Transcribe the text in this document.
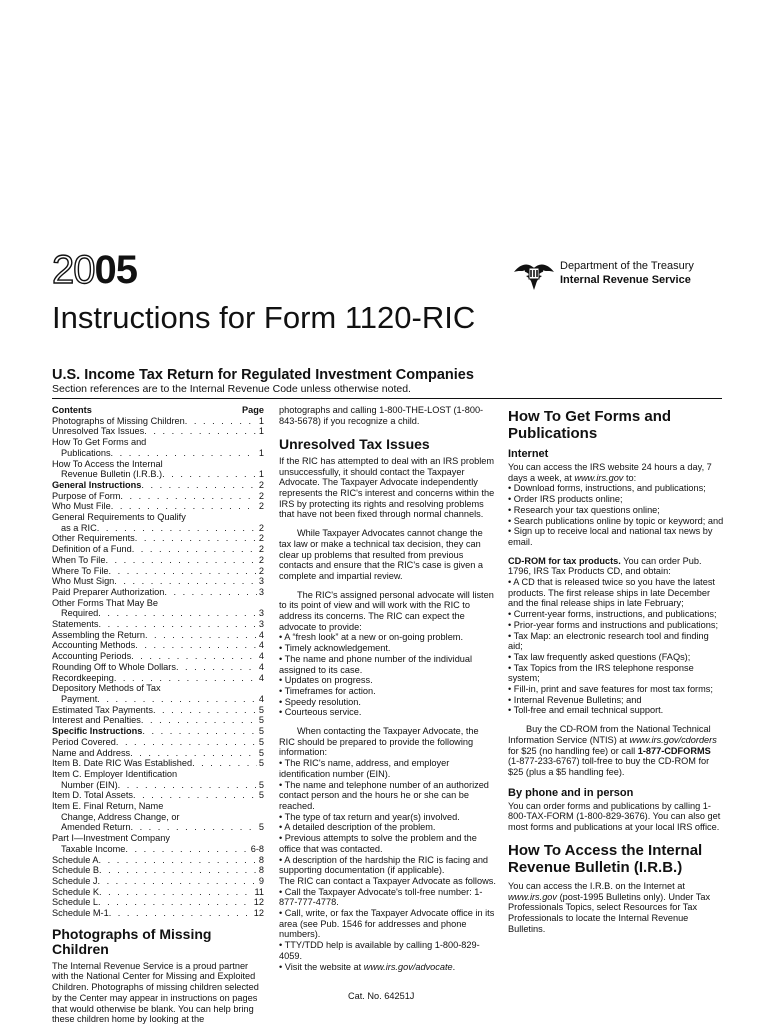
2005	Department of the Treasury
Internal Revenue Service
Instructions for Form 1120-RIC
U.S. Income Tax Return for Regulated Investment Companies
Section references are to the Internal Revenue Code unless otherwise noted.
Contents	Page
Photographs of Missing Children . . .	1
Unresolved Tax Issues . . .	1
How To Get Forms and
Publications . . .	1
How To Access the Internal
Revenue Bulletin (I.R.B.) . . .	1
General Instructions . . .	2
Purpose of Form . . .	2
Who Must File . . .	2
General Requirements to Qualify
as a RIC . . .	2
Other Requirements . . .	2
Definition of a Fund . . .	2
When To File . . .	2
Where To File . . .	2
Who Must Sign . . .	3
Paid Preparer Authorization . . .	3
Other Forms That May Be
Required . . .	3
Statements . . .	3
Assembling the Return . . .	4
Accounting Methods . . .	4
Accounting Periods . . .	4
Rounding Off to Whole Dollars . . .	4
Recordkeeping . . .	4
Depository Methods of Tax
Payment . . .	4
Estimated Tax Payments . . .	5
Interest and Penalties . . .	5
Specific Instructions . . .	5
Period Covered . . .	5
Name and Address . . .	5
Item B. Date RIC Was Established . . .	5
Item C. Employer Identification
Number (EIN) . . .	5
Item D. Total Assets . . .	5
Item E. Final Return, Name
Change, Address Change, or
Amended Return . . .	5
Part I—Investment Company
Taxable Income . . .	6-8
Schedule A . . .	8
Schedule B . . .	8
Schedule J . . .	9
Schedule K . . .	11
Schedule L . . .	12
Schedule M-1 . . .	12
Photographs of Missing Children

The Internal Revenue Service is a proud partner with the National Center for Missing and Exploited Children. Photographs of missing children selected by the Center may appear in instructions on pages that would otherwise be blank. You can help bring these children home by looking at the

photographs and calling 1-800-THE-LOST (1-800-843-5678) if you recognize a child.

Unresolved Tax Issues

If the RIC has attempted to deal with an IRS problem unsuccessfully, it should contact the Taxpayer Advocate. The Taxpayer Advocate independently represents the RIC's interest and concerns within the IRS by protecting its rights and resolving problems that have not been fixed through normal channels.

While Taxpayer Advocates cannot change the tax law or make a technical tax decision, they can clear up problems that resulted from previous contacts and ensure that the RIC's case is given a complete and impartial review.

The RIC's assigned personal advocate will listen to its point of view and will work with the RIC to address its concerns. The RIC can expect the advocate to provide:

• A “fresh look” at a new or on-going problem.

• Timely acknowledgement.

• The name and phone number of the individual assigned to its case.

• Updates on progress.

• Timeframes for action.

• Speedy resolution.

• Courteous service.

When contacting the Taxpayer Advocate, the RIC should be prepared to provide the following information:

• The RIC's name, address, and employer identification number (EIN).

• The name and telephone number of an authorized contact person and the hours he or she can be reached.

• The type of tax return and year(s) involved.

• A detailed description of the problem.

• Previous attempts to solve the problem and the office that was contacted.

• A description of the hardship the RIC is facing and supporting documentation (if applicable).

The RIC can contact a Taxpayer Advocate as follows.

• Call the Taxpayer Advocate's toll-free number: 1-877-777-4778.

• Call, write, or fax the Taxpayer Advocate office in its area (see Pub. 1546 for addresses and phone numbers).

• TTY/TDD help is available by calling 1-800-829-4059.

• Visit the website at www.irs.gov/advocate.

How To Get Forms and Publications
Internet

You can access the IRS website 24 hours a day, 7 days a week, at www.irs.gov to:

• Download forms, instructions, and publications;

• Order IRS products online;

• Research your tax questions online;

• Search publications online by topic or keyword; and

• Sign up to receive local and national tax news by email.

CD-ROM for tax products. You can order Pub. 1796, IRS Tax Products CD, and obtain:

• A CD that is released twice so you have the latest products. The first release ships in late December and the final release ships in late February;

• Current-year forms, instructions, and publications;

• Prior-year forms and instructions and publications;

• Tax Map: an electronic research tool and finding aid;

• Tax law frequently asked questions (FAQs);

• Tax Topics from the IRS telephone response system;

• Fill-in, print and save features for most tax forms;

• Internal Revenue Bulletins; and

• Toll-free and email technical support.

Buy the CD-ROM from the National Technical Information Service (NTIS) at www.irs.gov/cdorders for $25 (no handling fee) or call 1-877-CDFORMS (1-877-233-6767) toll-free to buy the CD-ROM for $25 (plus a $5 handling fee).

By phone and in person

You can order forms and publications by calling 1-800-TAX-FORM (1-800-829-3676). You can also get most forms and publications at your local IRS office.

How To Access the Internal Revenue Bulletin (I.R.B.)

You can access the I.R.B. on the Internet at www.irs.gov (post-1995 Bulletins only). Under Tax Professionals Topics, select Resources for Tax Professionals to locate the Internal Revenue Bulletins.

Cat. No. 64251J
